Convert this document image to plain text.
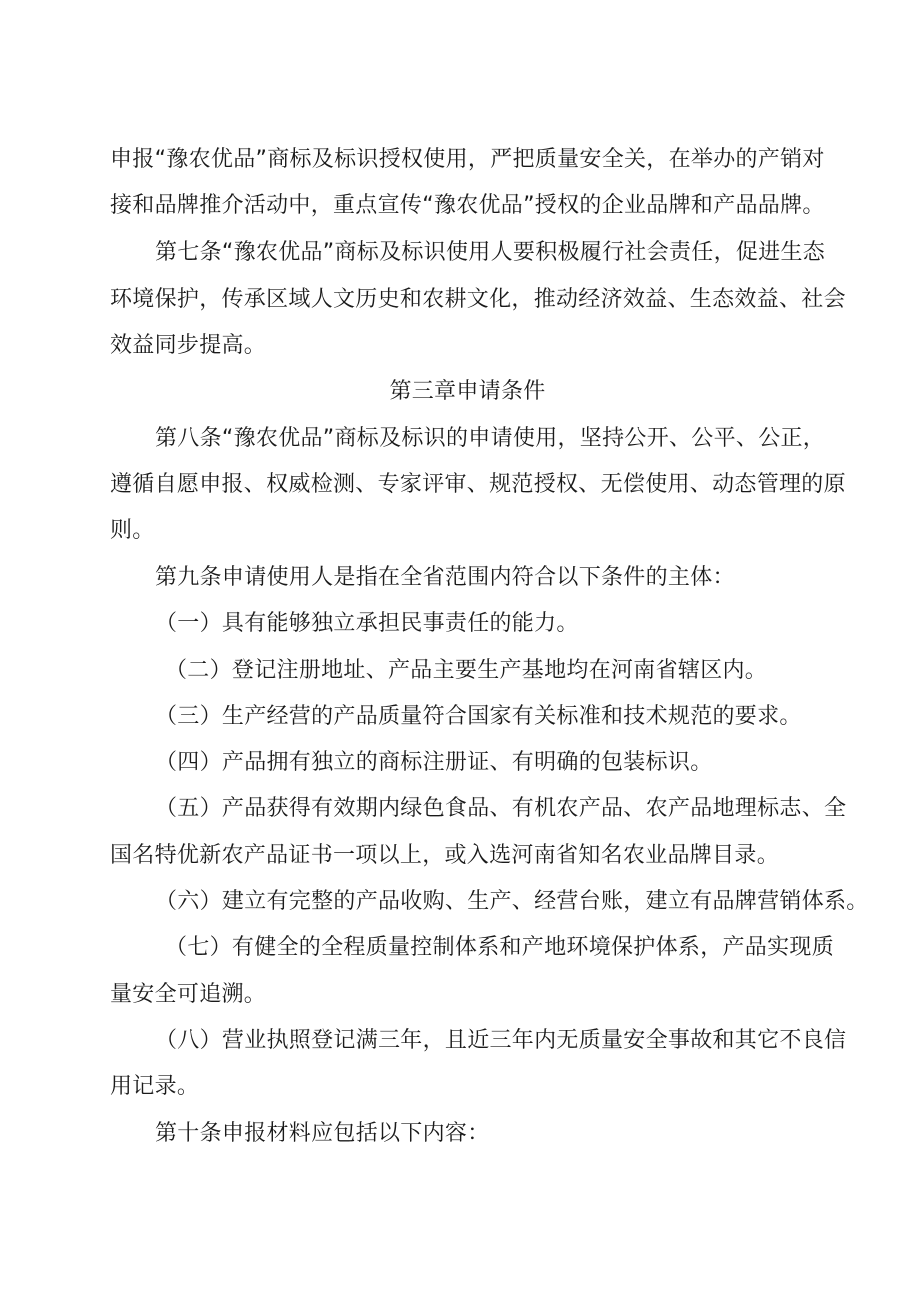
申报“豫农优品”商标及标识授权使用，严把质量安全关，在举办的产销对
接和品牌推介活动中，重点宣传“豫农优品”授权的企业品牌和产品品牌。
第七条“豫农优品”商标及标识使用人要积极履行社会责任，促进生态
环境保护，传承区域人文历史和农耕文化，推动经济效益、生态效益、社会
效益同步提高。
第三章申请条件
第八条“豫农优品”商标及标识的申请使用，坚持公开、公平、公正，
遵循自愿申报、权威检测、专家评审、规范授权、无偿使用、动态管理的原
则。
第九条申请使用人是指在全省范围内符合以下条件的主体：
（一）具有能够独立承担民事责任的能力。
（二）登记注册地址、产品主要生产基地均在河南省辖区内。
（三）生产经营的产品质量符合国家有关标准和技术规范的要求。
（四）产品拥有独立的商标注册证、有明确的包装标识。
（五）产品获得有效期内绿色食品、有机农产品、农产品地理标志、全
国名特优新农产品证书一项以上，或入选河南省知名农业品牌目录。
（六）建立有完整的产品收购、生产、经营台账，建立有品牌营销体系。
（七）有健全的全程质量控制体系和产地环境保护体系，产品实现质
量安全可追溯。
（八）营业执照登记满三年，且近三年内无质量安全事故和其它不良信
用记录。
第十条申报材料应包括以下内容：
